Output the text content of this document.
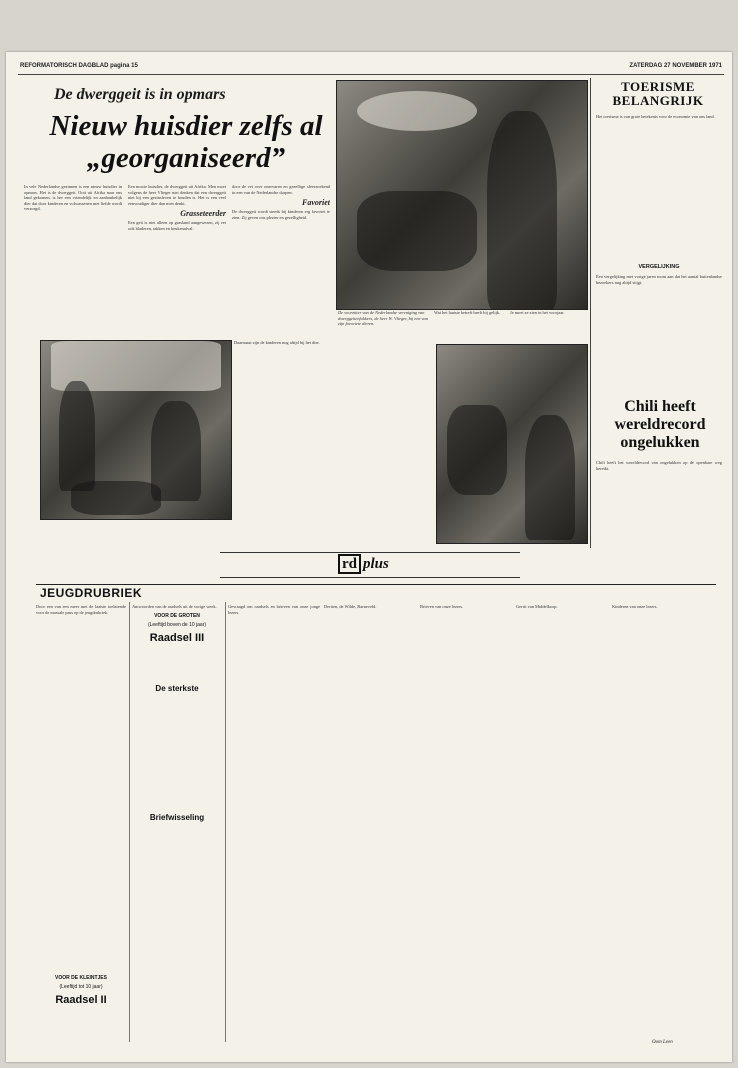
REFORMATORISCH DAGBLAD pagina 15	ZATERDAG 27 NOVEMBER 1971
De dwerggeit is in opmars
Nieuw huisdier zelfs al „georganiseerd”

In vele Nederlandse gezinnen is een nieuw huisdier in opmars. Het is de dwerggeit. Ooit uit Afrika naar ons land gekomen, is het een vriendelijk en aanhankelijk dier dat door kinderen en volwassenen met liefde wordt verzorgd.

Een mooie huisdier, de dwerggeit uit Afrika. Men moet volgens de heer Vlieger niet denken dat een dwerggeit niet bij een gezinsleven te houden is. Het is een veel eenvoudiger dier dan men denkt.

Grasseteerder

Een geit is niet alleen op grasland aangewezen, zij eet ook bladeren, takken en keukenafval.

door de vet over onervaren en gezellige sfeerzoekend in een van de Nederlandse dorpen.

Favoriet

De dwerggeit wordt steeds bij kinderen erg favoriet te zien. Zij geven ons plezier en gezelligheid.

De voorzitter van de Nederlandse vereniging van dwerggeitenfokkers, de heer W. Vlieger, bij een van zijn favoriete dieren.

Daarnaast zijn de kinderen nog altijd bij het dier.

Wat het laatste betreft heeft hij gelijk.	Je moet ze zien in het voorjaar.

TOERISME BELANGRIJK

Het toerisme is van grote betekenis voor de economie van ons land.

VERGELIJKING

Een vergelijking met vorige jaren toont aan dat het aantal buitenlandse bezoekers nog altijd stijgt.

Chili heeft wereldrecord ongelukken

Chili heeft het wereldrecord van ongelukken op de openbare weg bereikt.

rd plus
JEUGDRUBRIEK

Door een van een meer met de laatste toelatende voor de massale pass op de jeugdrubriek.

VOOR DE KLEINTJES
(Leeftijd tot 10 jaar)
Raadsel II

Antwoorden van de raadsels uit de vorige week.

VOOR DE GROTEN
(Leeftijd boven de 10 jaar)
Raadsel III
De sterkste
Briefwisseling

Gevraagd om raadsels en brieven van onze jonge lezers.

Dertien, de Wilde, Barneveld.	Brieven van onze lezers.	Gerrit van Middelkoop.	Kinderen van onze lezers.

Oom Leen
